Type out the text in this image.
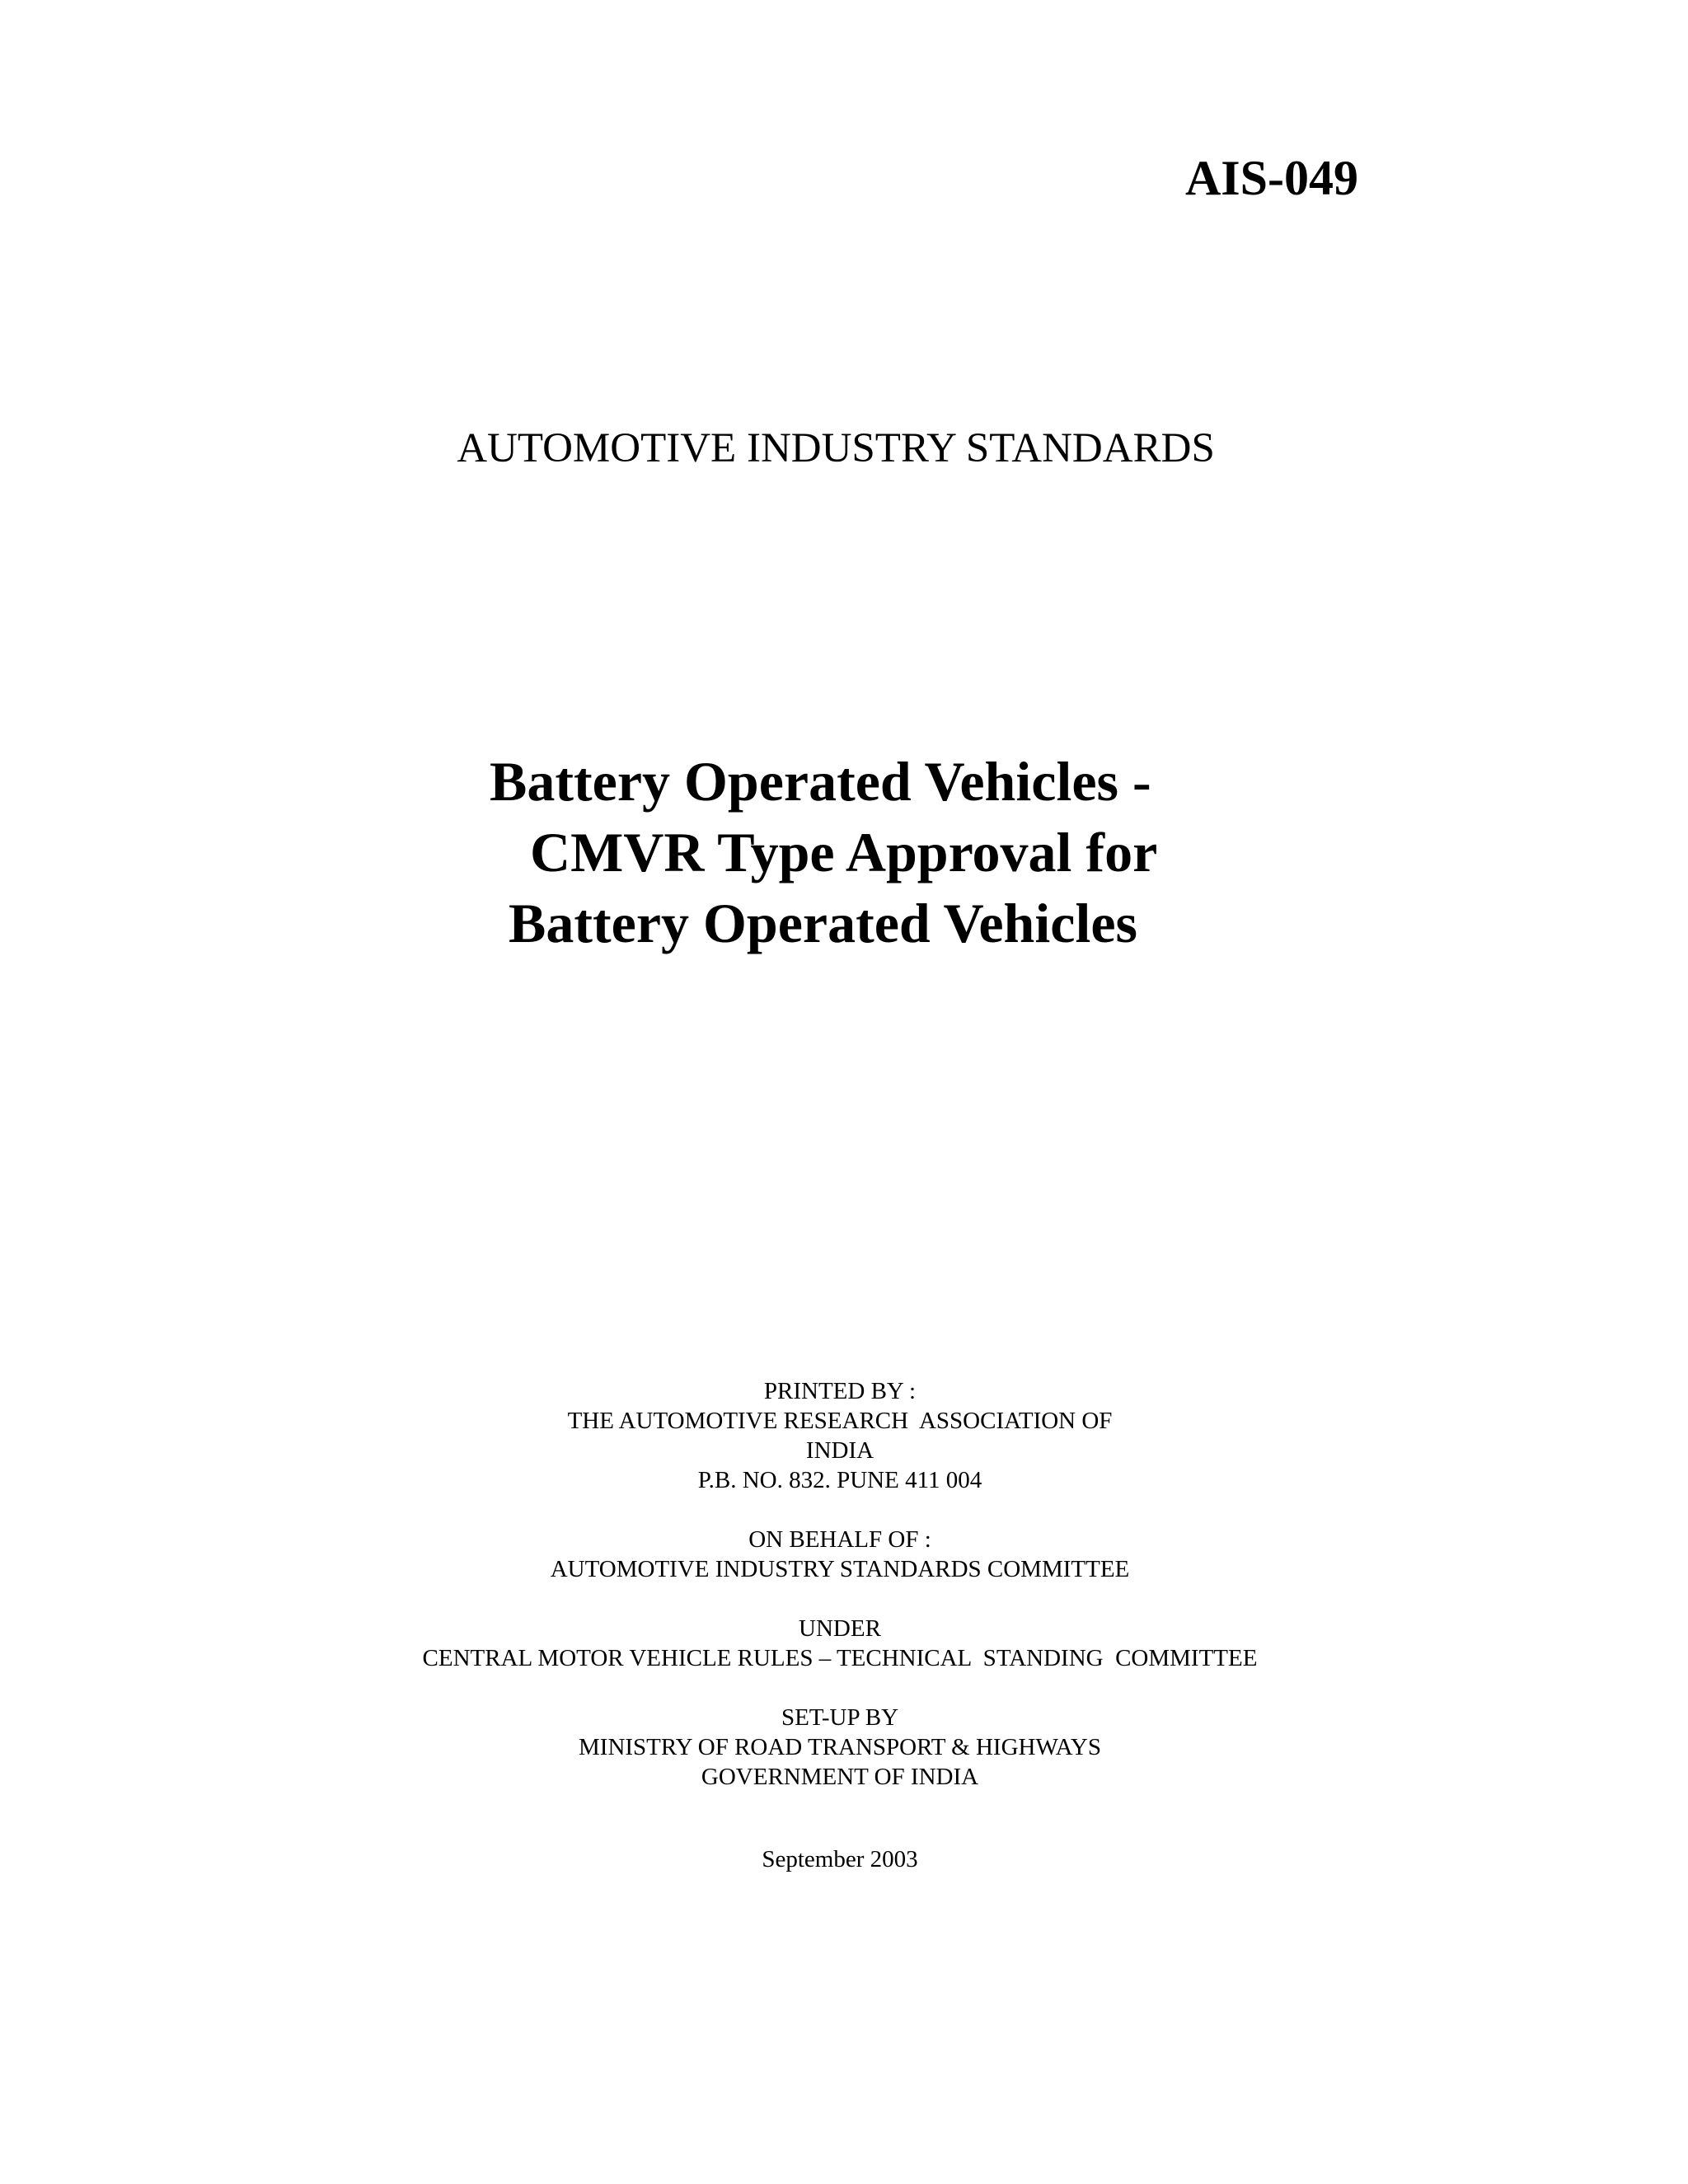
AIS-049
AUTOMOTIVE INDUSTRY STANDARDS
Battery Operated Vehicles -
CMVR Type Approval for
Battery Operated Vehicles
PRINTED BY :
THE AUTOMOTIVE RESEARCH  ASSOCIATION OF
INDIA
P.B. NO. 832. PUNE 411 004
ON BEHALF OF :
AUTOMOTIVE INDUSTRY STANDARDS COMMITTEE
UNDER
CENTRAL MOTOR VEHICLE RULES – TECHNICAL  STANDING  COMMITTEE
SET-UP BY
MINISTRY OF ROAD TRANSPORT & HIGHWAYS
GOVERNMENT OF INDIA
September 2003
